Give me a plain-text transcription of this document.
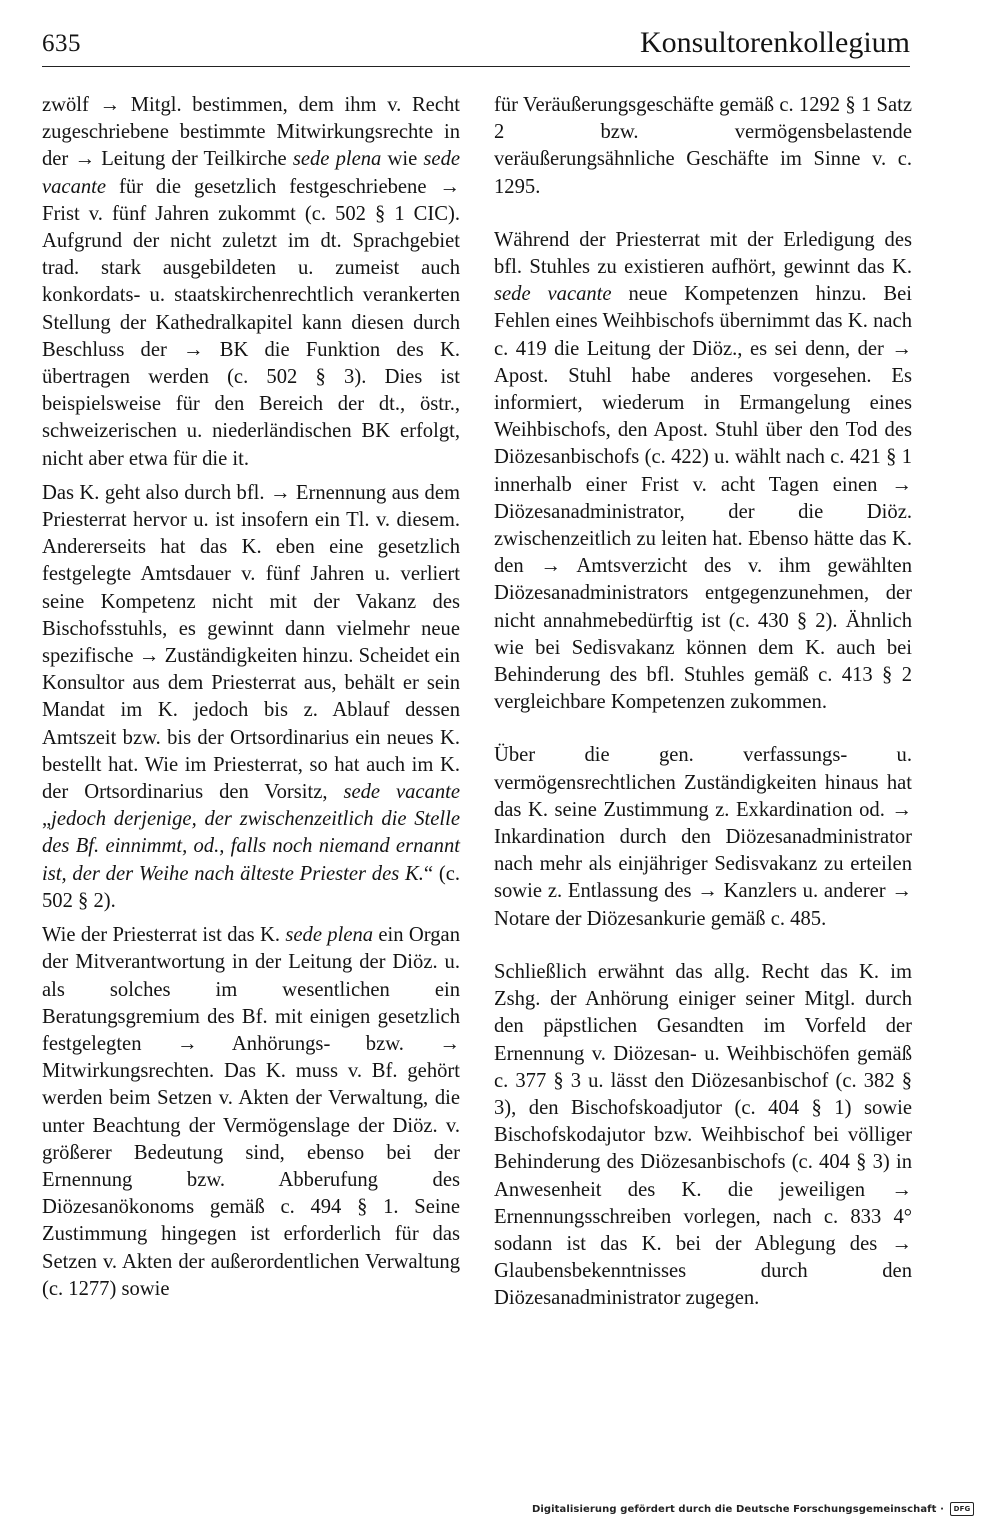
635	Konsultorenkollegium

zwölf → Mitgl. bestimmen, dem ihm v. Recht zugeschriebene bestimmte Mitwirkungsrechte in der → Leitung der Teilkirche sede plena wie sede vacante für die gesetzlich festgeschriebene → Frist v. fünf Jahren zukommt (c. 502 § 1 CIC). Aufgrund der nicht zuletzt im dt. Sprachgebiet trad. stark ausgebildeten u. zumeist auch konkordats- u. staatskirchenrechtlich verankerten Stellung der Kathedralkapitel kann diesen durch Beschluss der → BK die Funktion des K. übertragen werden (c. 502 § 3). Dies ist beispielsweise für den Bereich der dt., östr., schweizerischen u. niederländischen BK erfolgt, nicht aber etwa für die it.

Das K. geht also durch bfl. → Ernennung aus dem Priesterrat hervor u. ist insofern ein Tl. v. diesem. Andererseits hat das K. eben eine gesetzlich festgelegte Amtsdauer v. fünf Jahren u. verliert seine Kompetenz nicht mit der Vakanz des Bischofsstuhls, es gewinnt dann vielmehr neue spezifische → Zuständigkeiten hinzu. Scheidet ein Konsultor aus dem Priesterrat aus, behält er sein Mandat im K. jedoch bis z. Ablauf dessen Amtszeit bzw. bis der Ortsordinarius ein neues K. bestellt hat. Wie im Priesterrat, so hat auch im K. der Ortsordinarius den Vorsitz, sede vacante „jedoch derjenige, der zwischenzeitlich die Stelle des Bf. einnimmt, od., falls noch niemand ernannt ist, der der Weihe nach älteste Priester des K.“ (c. 502 § 2).

Wie der Priesterrat ist das K. sede plena ein Organ der Mitverantwortung in der Leitung der Diöz. u. als solches im wesentlichen ein Beratungsgremium des Bf. mit einigen gesetzlich festgelegten → Anhörungs- bzw. → Mitwirkungsrechten. Das K. muss v. Bf. gehört werden beim Setzen v. Akten der Verwaltung, die unter Beachtung der Vermögenslage der Diöz. v. größerer Bedeutung sind, ebenso bei der Ernennung bzw. Abberufung des Diözesanökonoms gemäß c. 494 § 1. Seine Zustimmung hingegen ist erforderlich für das Setzen v. Akten der außerordentlichen Verwaltung (c. 1277) sowie

für Veräußerungsgeschäfte gemäß c. 1292 § 1 Satz 2 bzw. vermögensbelastende veräußerungsähnliche Geschäfte im Sinne v. c. 1295.

Während der Priesterrat mit der Erledigung des bfl. Stuhles zu existieren aufhört, gewinnt das K. sede vacante neue Kompetenzen hinzu. Bei Fehlen eines Weihbischofs übernimmt das K. nach c. 419 die Leitung der Diöz., es sei denn, der → Apost. Stuhl habe anderes vorgesehen. Es informiert, wiederum in Ermangelung eines Weihbischofs, den Apost. Stuhl über den Tod des Diözesanbischofs (c. 422) u. wählt nach c. 421 § 1 innerhalb einer Frist v. acht Tagen einen → Diözesanadministrator, der die Diöz. zwischenzeitlich zu leiten hat. Ebenso hätte das K. den → Amtsverzicht des v. ihm gewählten Diözesanadministrators entgegenzunehmen, der nicht annahmebedürftig ist (c. 430 § 2). Ähnlich wie bei Sedisvakanz können dem K. auch bei Behinderung des bfl. Stuhles gemäß c. 413 § 2 vergleichbare Kompetenzen zukommen.

Über die gen. verfassungs- u. vermögensrechtlichen Zuständigkeiten hinaus hat das K. seine Zustimmung z. Exkardination od. → Inkardination durch den Diözesanadministrator nach mehr als einjähriger Sedisvakanz zu erteilen sowie z. Entlassung des → Kanzlers u. anderer → Notare der Diözesankurie gemäß c. 485.

Schließlich erwähnt das allg. Recht das K. im Zshg. der Anhörung einiger seiner Mitgl. durch den päpstlichen Gesandten im Vorfeld der Ernennung v. Diözesan- u. Weihbischöfen gemäß c. 377 § 3 u. lässt den Diözesanbischof (c. 382 § 3), den Bischofskoadjutor (c. 404 § 1) sowie Bischofskodajutor bzw. Weihbischof bei völliger Behinderung des Diözesanbischofs (c. 404 § 3) in Anwesenheit des K. die jeweiligen → Ernennungsschreiben vorlegen, nach c. 833 4° sodann ist das K. bei der Ablegung des → Glaubensbekenntnisses durch den Diözesanadministrator zugegen.

Digitalisierung gefördert durch die Deutsche Forschungsgemeinschaft ·	DFG
